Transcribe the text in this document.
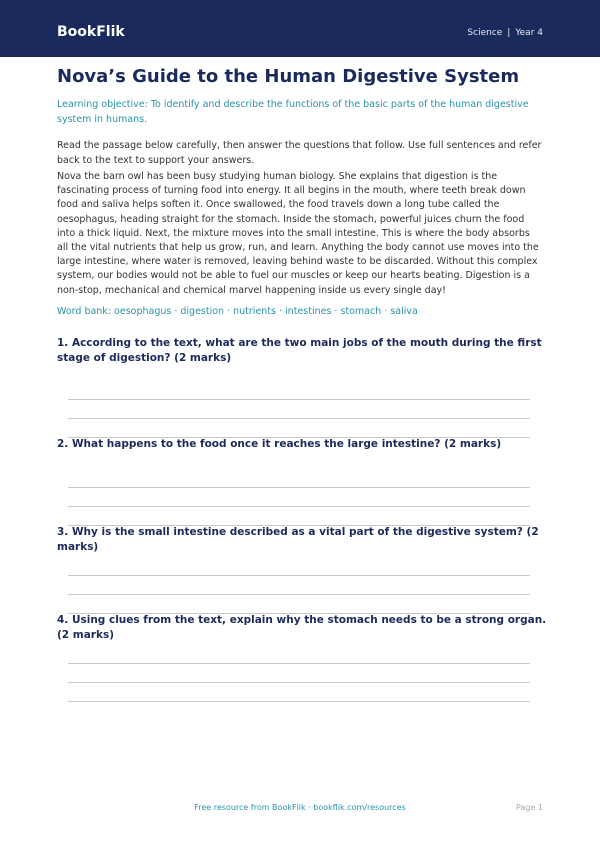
BookFlik	Science | Year 4
Nova’s Guide to the Human Digestive System
Learning objective: To identify and describe the functions of the basic parts of the human digestive system in humans.
Read the passage below carefully, then answer the questions that follow. Use full sentences and refer back to the text to support your answers.
Nova the barn owl has been busy studying human biology. She explains that digestion is the fascinating process of turning food into energy. It all begins in the mouth, where teeth break down food and saliva helps soften it. Once swallowed, the food travels down a long tube called the oesophagus, heading straight for the stomach. Inside the stomach, powerful juices churn the food into a thick liquid. Next, the mixture moves into the small intestine. This is where the body absorbs all the vital nutrients that help us grow, run, and learn. Anything the body cannot use moves into the large intestine, where water is removed, leaving behind waste to be discarded. Without this complex system, our bodies would not be able to fuel our muscles or keep our hearts beating. Digestion is a non-stop, mechanical and chemical marvel happening inside us every single day!
Word bank: oesophagus · digestion · nutrients · intestines · stomach · saliva
1. According to the text, what are the two main jobs of the mouth during the first stage of digestion? (2 marks)
2. What happens to the food once it reaches the large intestine? (2 marks)
3. Why is the small intestine described as a vital part of the digestive system? (2 marks)
4. Using clues from the text, explain why the stomach needs to be a strong organ. (2 marks)
Free resource from BookFlik · bookflik.com/resources	Page 1
